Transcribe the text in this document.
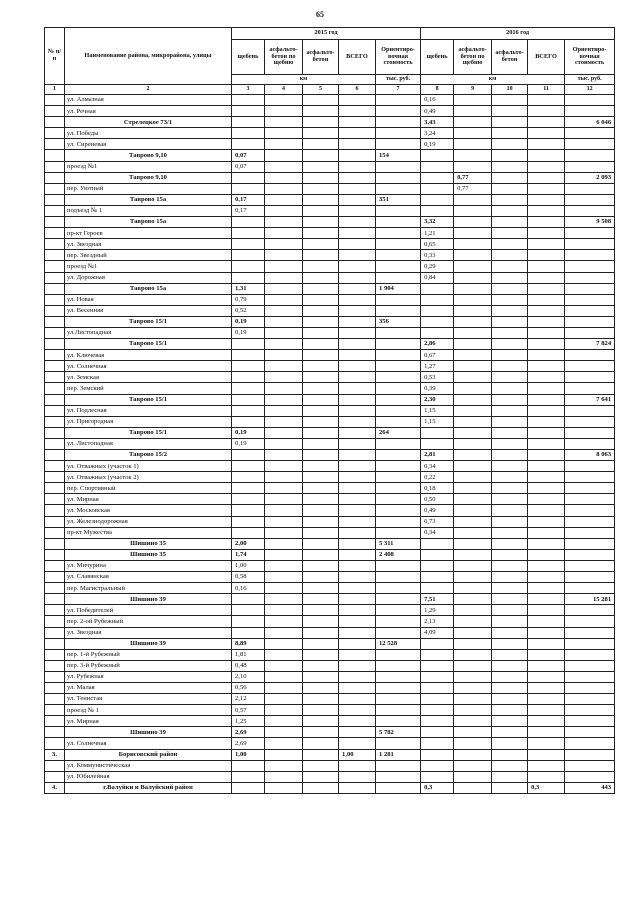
65
№ п/п	Наименование района, микрорайона, улицы	2015 год					2016 год				
		щебень	асфальто-бетон по щебню	асфальто-бетон	ВСЕГО	Ориентиро-вочная стоимость	щебень	асфальто-бетон по щебню	асфальто-бетон	ВСЕГО	Ориентиро-вочная стоимость
		км				тыс. руб.	км				тыс. руб.
1	2	3	4	5	6	7	8	9	10	11	12
	ул. Алмазная						0,16				
	ул. Речная						0,49				
	Стрелецкое 73/1						3,43				6 046
	ул. Победы						3,24				
	ул. Сиреневая						0,19				
	Таврово 9,10	0,07				154					
	проезд №1	0,07									
	Таврово 9,10							0,77			2 093
	пер. Уютный							0,77			
	Таврово 15а	0,17				351					
	подъезд № 1	0,17									
	Таврово 15а						3,32				9 508
	пр-кт Героев						1,21				
	ул. Звездная						0,65				
	пер. Звездный						0,33				
	проезд №1						0,29				
	ул. Дорожная						0,84				
	Таврово 15а	1,31				1 904					
	ул. Новая	0,79									
	ул. Весенняя	0,52									
	Таврово 15/1	0,19				356					
	ул.Листопадная	0,19									
	Таврово 15/1						2,86				7 824
	ул. Ключевая						0,67				
	ул. Солнечная						1,27				
	ул. Земская						0,53				
	пер. Земский						0,39				
	Таврово 15/1						2,30				7 641
	ул. Подлесная						1,15				
	ул. Пригородная						1,15				
	Таврово 15/1	0,19				264					
	ул. Листопадная	0,19									
	Таврово 15/2						2,81				8 063
	ул. Отважных (участок 1)						0,34				
	ул. Отважных (участок 2)						0,22				
	пер. Спортивный						0,18				
	ул. Мирная						0,50				
	ул. Московская						0,49				
	ул. Железнодорожная						0,73				
	пр-кт Мужества						0,34				
	Шишино 35	2,00				5 311					
	Шишино 35	1,74				2 408					
	ул. Мичурина	1,00									
	ул. Славянская	0,58									
	пер. Магистральный	0,16									
	Шишино 39						7,51				15 281
	ул. Победителей						1,29				
	пер. 2-ой Рубежный						2,13				
	ул. Звездная						4,09				
	Шишино 39	8,89				12 528					
	пер. 1-й Рубежный	1,81									
	пер. 3-й Рубежный	0,48									
	ул. Рубежная	2,10									
	ул. Малая	0,56									
	ул. Тенистая	2,12									
	проезд № 1	0,57									
	ул. Мирная	1,25									
	Шишино 39	2,69				5 782					
	ул. Солнечная	2,69									
3.	Борисовский район	1,00			1,00	1 281					
	ул. Коммунистическая										
	ул. Юбилейная										
4.	г.Валуйки и Валуйский район						0,3			0,3	443
